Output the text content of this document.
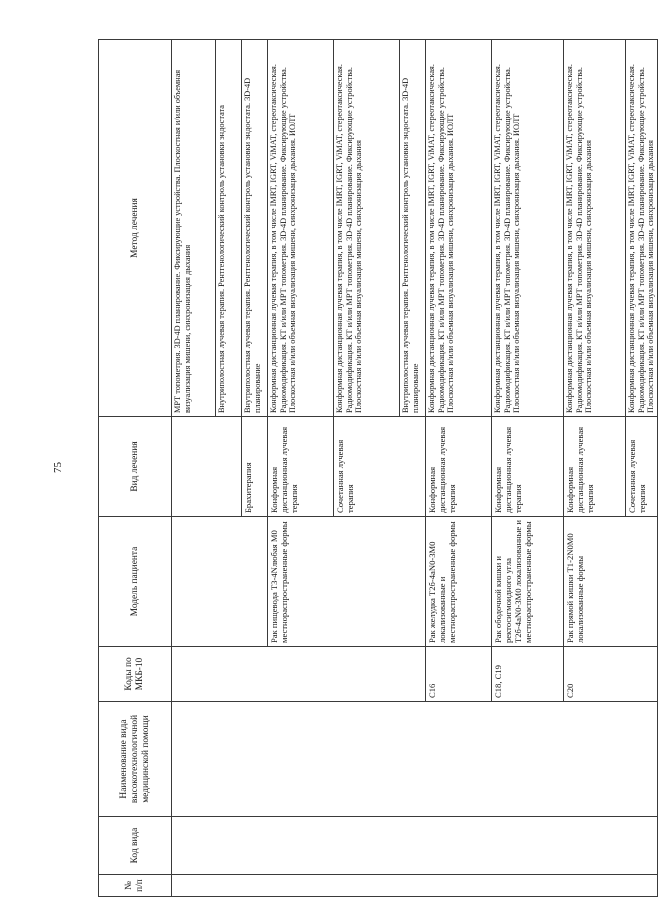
75
№ п/п	Код вида	Наименование вида высокотехнологичной медицинской помощи	Коды по МКБ-10	Модель пациента	Вид лечения	Метод лечения
						МРТ топометрия. 3D-4D планирование. Фиксирующие устройства. Плоскостная и/или объемная визуализация мишени, синхронизация дыхания
						Внутриполостная лучевая терапия. Рентгенологический контроль установки эндостата
					Брахитерапия	Внутриполостная лучевая терапия. Рентгенологический контроль установки эндостата. 3D-4D планирование
				Рак пищевода Т3-4Nлюбая М0 местнораспространенные формы	Конформная дистанционная лучевая терапия	Конформная дистанционная лучевая терапия, в том числе IMRT, IGRT, ViMAT, стереотаксическая. Радиомодификация. КТ и/или МРТ топометрия. 3D-4D планирование. Фиксирующие устройства. Плоскостная и/или объемная визуализация мишени, синхронизация дыхания. ИОЛТ
					Сочетанная лучевая терапия	Конформная дистанционная лучевая терапия, в том числе IMRT, IGRT, ViMAT, стереотаксическая. Радиомодификация. КТ и/или МРТ топометрия. 3D-4D планирование. Фиксирующие устройства. Плоскостная и/или объемная визуализация мишени, синхронизация дыхания
						Внутриполостная лучевая терапия. Рентгенологический контроль установки эндостата. 3D-4D планирование
			C16	Рак желудка Т2б-4аN0-3М0 локализованные и местнораспространенные формы	Конформная дистанционная лучевая терапия	Конформная дистанционная лучевая терапия, в том числе IMRT, IGRT, ViMAT, стереотаксическая. Радиомодификация. КТ и/или МРТ топометрия. 3D-4D планирование. Фиксирующие устройства. Плоскостная и/или объемная визуализация мишени, синхронизация дыхания. ИОЛТ
			C18, C19	Рак ободочной кишки и ректосигмоидного угла Т2б-4аN0-3М0 локализованные и местнораспространенные формы	Конформная дистанционная лучевая терапия	Конформная дистанционная лучевая терапия, в том числе IMRT, IGRT, ViMAT, стереотаксическая. Радиомодификация. КТ и/или МРТ топометрия. 3D-4D планирование. Фиксирующие устройства. Плоскостная и/или объемная визуализация мишени, синхронизация дыхания. ИОЛТ
			C20	Рак прямой кишки Т1-2N0M0 локализованные формы	Конформная дистанционная лучевая терапия	Конформная дистанционная лучевая терапия, в том числе IMRT, IGRT, ViMAT, стереотаксическая. Радиомодификация. КТ и/или МРТ топометрия. 3D-4D планирование. Фиксирующие устройства. Плоскостная и/или объемная визуализация мишени, синхронизация дыхания
					Сочетанная лучевая терапия	Конформная дистанционная лучевая терапия, в том числе IMRT, IGRT, ViMAT, стереотаксическая. Радиомодификация. КТ и/или МРТ топометрия. 3D-4D планирование. Фиксирующие устройства. Плоскостная и/или объемная визуализация мишени, синхронизация дыхания
